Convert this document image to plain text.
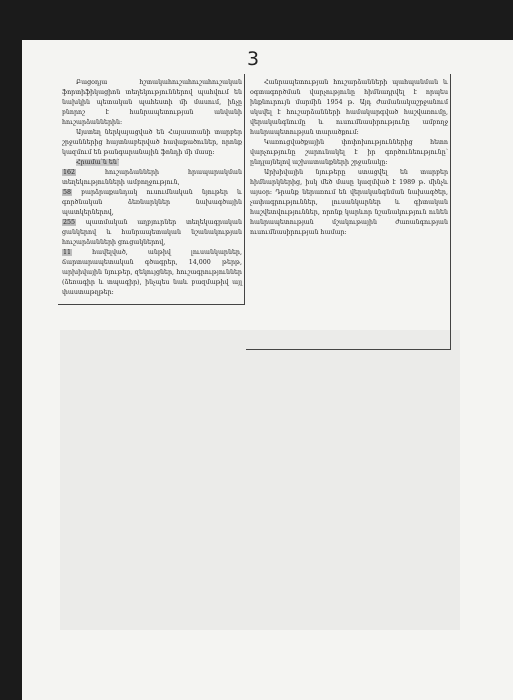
3

Բացօդյա հշտակահուշահուշահուշական ֆորտիֆիկացիոն տեղեկություններով պահվում են նախկին պետական պահեստի մի մասում, ինչը բնորոշ է հանրապետության անվանի հուշարձաններին:

Այստեղ ներկայացված են Հայաստանի տարբեր շրջաններից հայտնաբերված հավաքածուներ, որոնք կազմում են թանգարանային ֆոնդի մի մասը:

Հրամա՝ն են՝

162	հուշարձանների հրապարակման տեղեկությունների ամբողջություն,

58 բարձրաքանդակ ուսումնական նյութեր և գործնական ձեռնարկներ նախագծային պատկերներով,

255 պատմական աղբյուրներ տեղեկագրական ցանկերով և հանրապետական նշանակության հուշարձանների ցուցակներով,

11	հավելված, անթիվ լուսանկարներ, ճարտարապետական գծագրեր, 14,000 թերթ, արխիվային նյութեր, զեկույցներ, հուշագրություններ (ձեռագիր և տպագիր), ինչպես նաև բազմաթիվ այլ փաստաթղթեր։

Հանրապետության հուշարձանների պահպանման և օգտագործման վարչությունը հիմնադրվել է որպես ինքնուրույն մարմին 1954 թ. Այդ ժամանակաշրջանում սկսվել է հուշարձանների համակարգված հաշվառումը, վերականգնումը և ուսումնասիրությունը ամբողջ հանրապետության տարածքում:

Կառուցվածքային փոփոխություններից հետո վարչությունը շարունակել է իր գործունեությունը՝ ընդլայնելով աշխատանքների շրջանակը:

Արխիվային նյութերը ստացվել են տարբեր հիմնարկներից, իսկ մեծ մասը կազմված է 1989 թ. մինչև այսօր։ Դրանք ներառում են վերականգնման նախագծեր, չափագրություններ, լուսանկարներ և գիտական հաշվետվություններ, որոնք կարևոր նշանակություն ունեն հանրապետության մշակութային ժառանգության ուսումնասիրության համար:
